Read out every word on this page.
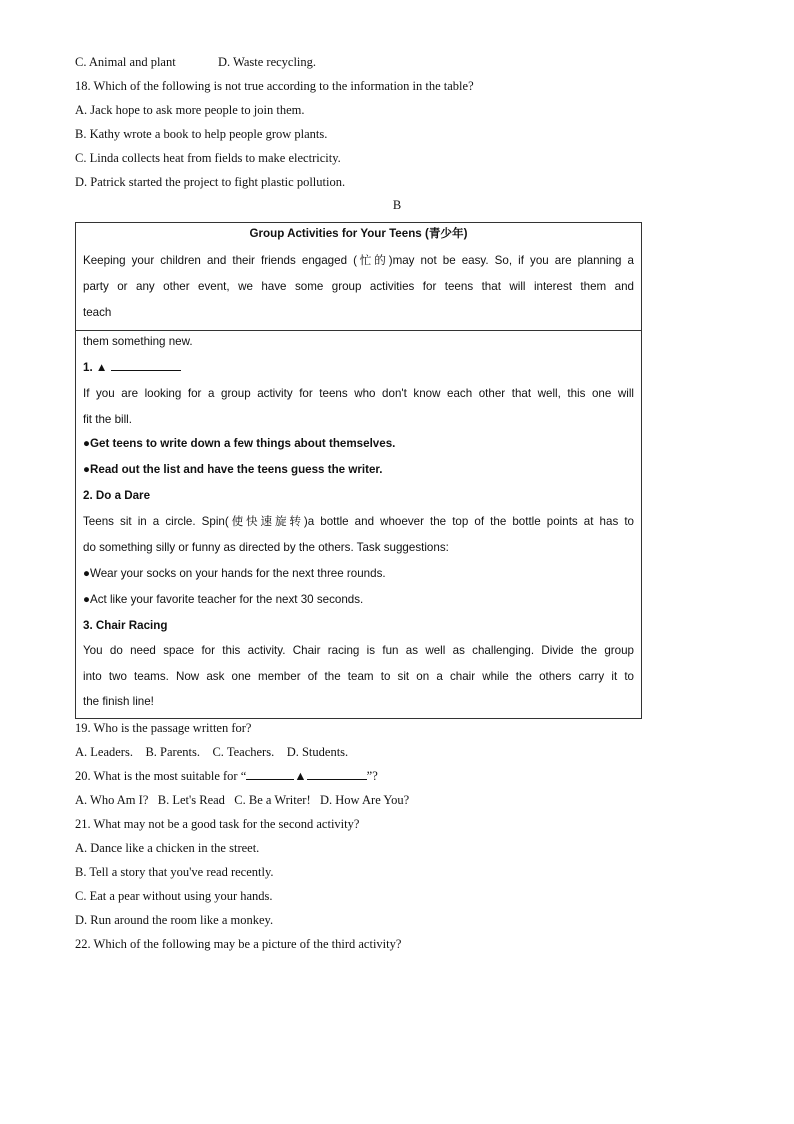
C. Animal and plant	D. Waste recycling.
18. Which of the following is not true according to the information in the table?
A. Jack hope to ask more people to join them.
B. Kathy wrote a book to help people grow plants.
C. Linda collects heat from fields to make electricity.
D. Patrick started the project to fight plastic pollution.
B
Group Activities for Your Teens (青少年)
Keeping your children and their friends engaged (忙的)may not be easy. So, if you are planning a
party or any other event, we have some group activities for teens that will interest them and
teach
them something new.
1. ▲
If you are looking for a group activity for teens who don't know each other that well, this one will
fit the bill.
●Get teens to write down a few things about themselves.
●Read out the list and have the teens guess the writer.
2. Do a Dare
Teens sit in a circle. Spin(使快速旋转)a bottle and whoever the top of the bottle points at has to
do something silly or funny as directed by the others. Task suggestions:
●Wear your socks on your hands for the next three rounds.
●Act like your favorite teacher for the next 30 seconds.
3. Chair Racing
You do need space for this activity. Chair racing is fun as well as challenging. Divide the group
into two teams. Now ask one member of the team to sit on a chair while the others carry it to
the finish line!
19. Who is the passage written for?
A. Leaders.    B. Parents.    C. Teachers.    D. Students.
20. What is the most suitable for “	▲	”?
A. Who Am I?   B. Let's Read   C. Be a Writer!   D. How Are You?
21. What may not be a good task for the second activity?
A. Dance like a chicken in the street.
B. Tell a story that you've read recently.
C. Eat a pear without using your hands.
D. Run around the room like a monkey.
22. Which of the following may be a picture of the third activity?
